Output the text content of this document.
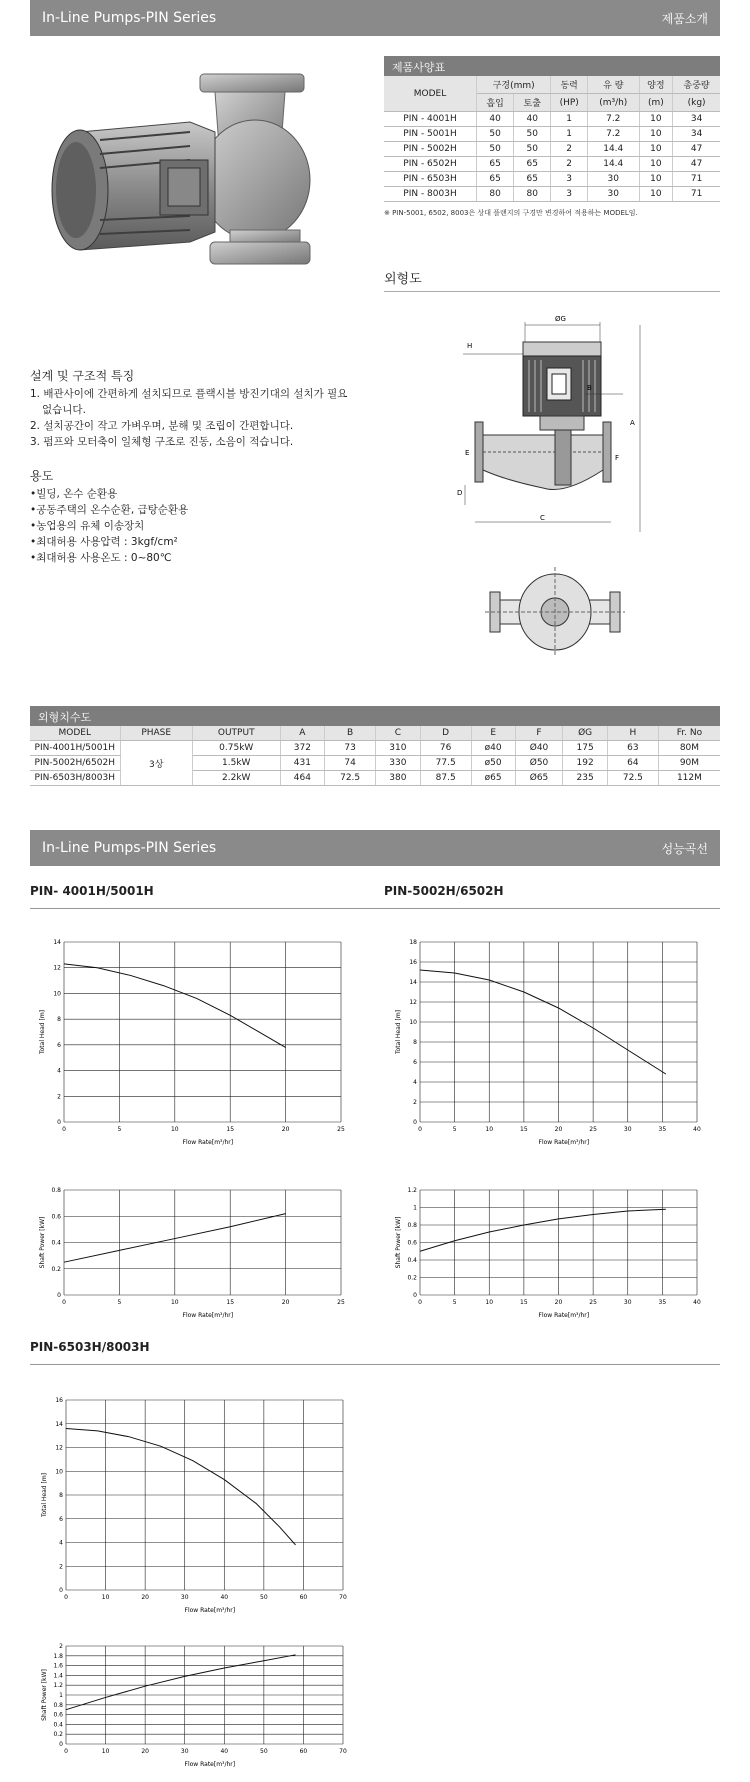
In-Line Pumps-PIN Series	제품소개
제품사양표
MODEL	구경(mm)		동력	유 량	양정	총중량
	흡입	토출	(HP)	(m³/h)	(m)	(kg)
PIN - 4001H	40	40	1	7.2	10	34
PIN - 5001H	50	50	1	7.2	10	34
PIN - 5002H	50	50	2	14.4	10	47
PIN - 6502H	65	65	2	14.4	10	47
PIN - 6503H	65	65	3	30	10	71
PIN - 8003H	80	80	3	30	10	71
※ PIN-5001, 6502, 8003은 상대 플랜지의 구경만 변경하여 적용하는 MODEL임.
외형도
설계 및 구조적 특징
1. 배관사이에 간편하게 설치되므로 플랙시블 방진기대의 설치가 필요
없습니다.
2. 설치공간이 작고 가벼우며, 분해 및 조립이 간편합니다.
3. 펌프와 모터축이 일체형 구조로 진동, 소음이 적습니다.
용도
•빌딩, 온수 순환용
•공동주택의 온수순환, 급탕순환용
•농업용의 유체 이송장치
•최대허용 사용압력 : 3kgf/cm²
•최대허용 사용온도 : 0~80℃
ØG
H
B
A
E
F
D
C
외형치수도
MODEL	PHASE	OUTPUT	A	B	C	D	E	F	ØG	H	Fr. No
PIN-4001H/5001H	3상	0.75kW	372	73	310	76	ø40	Ø40	175	63	80M
PIN-5002H/6502H		1.5kW	431	74	330	77.5	ø50	Ø50	192	64	90M
PIN-6503H/8003H		2.2kW	464	72.5	380	87.5	ø65	Ø65	235	72.5	112M
In-Line Pumps-PIN Series	성능곡선
PIN- 4001H/5001H	PIN-5002H/6502H
PIN-6503H/8003H
0	5	10	15	20	25
0
2
4
6
8
10
12
14
Flow Rate[m³/hr]
Total Head [m]
0	5	10	15	20	25
0
0.2
0.4
0.6
0.8
Flow Rate[m³/hr]
Shaft Power [kW]
0	5	10	15	20	25	30	35	40
0
2
4
6
8
10
12
14
16
18
Flow Rate[m³/hr]
Total Head [m]
0	5	10	15	20	25	30	35	40
0
0.2
0.4
0.6
0.8
1
1.2
Flow Rate[m³/hr]
Shaft Power [kW]
0	10	20	30	40	50	60	70
0
2
4
6
8
10
12
14
16
Flow Rate[m³/hr]
Total Head [m]
0	10	20	30	40	50	60	70
0
0.2
0.4
0.6
0.8
1
1.2
1.4
1.6
1.8
2
Flow Rate[m³/hr]
Shaft Power [kW]
